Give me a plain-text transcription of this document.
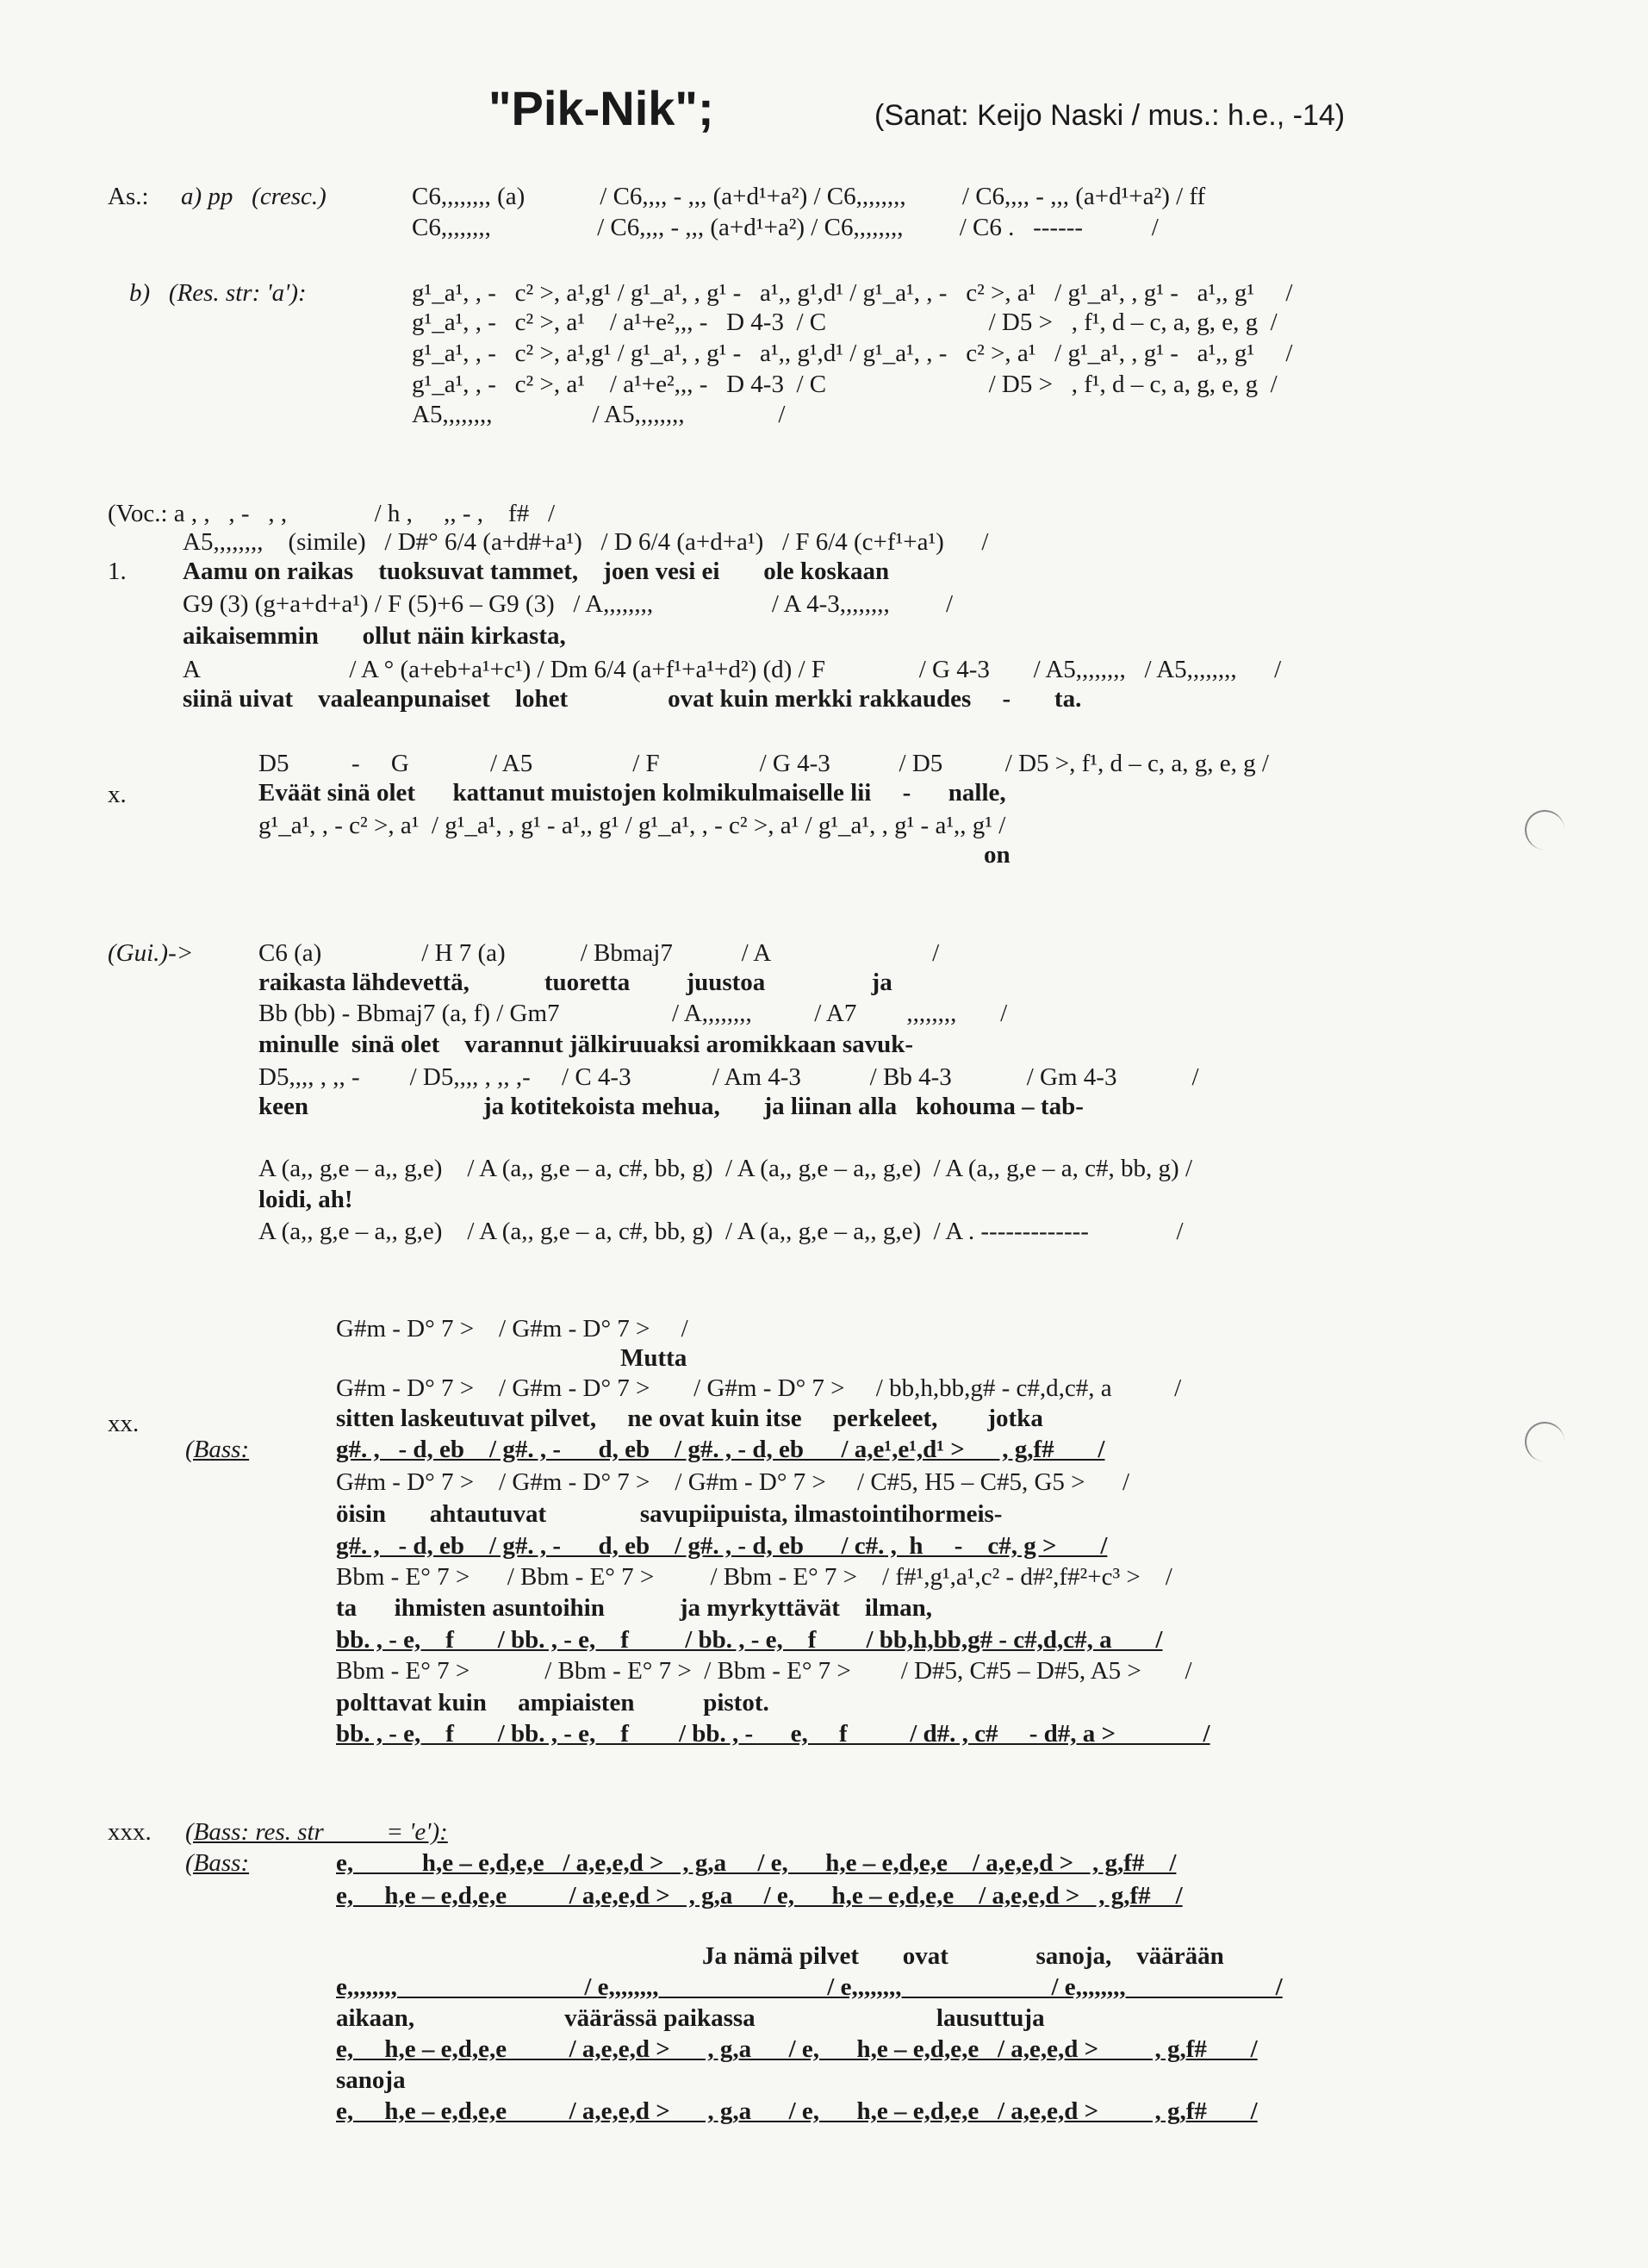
"Pik-Nik";	(Sanat: Keijo Naski / mus.: h.e., -14)
As.: a) pp   (cresc.)	C6,,,,,,,, (a)            / C6,,,, - ,,, (a+d¹+a²) / C6,,,,,,,,         / C6,,,, - ,,, (a+d¹+a²) / ff
C6,,,,,,,,                 / C6,,,, - ,,, (a+d¹+a²) / C6,,,,,,,,         / C6 .   ------           /
b)   (Res. str: 'a'):	g¹_a¹, , -   c² >, a¹,g¹ / g¹_a¹, , g¹ -   a¹,, g¹,d¹ / g¹_a¹, , -   c² >, a¹   / g¹_a¹, , g¹ -   a¹,, g¹     /
g¹_a¹, , -   c² >, a¹    / a¹+e²,,, -   D 4-3  / C                          / D5 >   , f¹, d – c, a, g, e, g  /
g¹_a¹, , -   c² >, a¹,g¹ / g¹_a¹, , g¹ -   a¹,, g¹,d¹ / g¹_a¹, , -   c² >, a¹   / g¹_a¹, , g¹ -   a¹,, g¹     /
g¹_a¹, , -   c² >, a¹    / a¹+e²,,, -   D 4-3  / C                          / D5 >   , f¹, d – c, a, g, e, g  /
A5,,,,,,,,                / A5,,,,,,,,               /
(Voc.: a , ,   , -   , ,              / h ,     ,, - ,    f#   /
A5,,,,,,,,    (simile)   / D#° 6/4 (a+d#+a¹)   / D 6/4 (a+d+a¹)   / F 6/4 (c+f¹+a¹)      /
1. Aamu on raikas    tuoksuvat tammet,    joen vesi ei       ole koskaan
G9 (3) (g+a+d+a¹) / F (5)+6 – G9 (3)   / A,,,,,,,,                   / A 4-3,,,,,,,,         /
aikaisemmin       ollut näin kirkasta,
A                        / A ° (a+eb+a¹+c¹) / Dm 6/4 (a+f¹+a¹+d²) (d) / F               / G 4-3       / A5,,,,,,,,   / A5,,,,,,,,      /
siinä uivat    vaaleanpunaiset    lohet                ovat kuin merkki rakkaudes     -       ta.
D5          -     G             / A5                / F                / G 4-3           / D5          / D5 >, f¹, d – c, a, g, e, g /
x.	Eväät sinä olet      kattanut muistojen kolmikulmaiselle lii     -      nalle,
g¹_a¹, , - c² >, a¹  / g¹_a¹, , g¹ - a¹,, g¹ / g¹_a¹, , - c² >, a¹ / g¹_a¹, , g¹ - a¹,, g¹ /
on
(Gui.)->	C6 (a)                / H 7 (a)            / Bbmaj7           / A                          /
raikasta lähdevettä,            tuoretta         juustoa                 ja
Bb (bb) - Bbmaj7 (a, f) / Gm7                  / A,,,,,,,,          / A7        ,,,,,,,,       /
minulle  sinä olet    varannut jälkiruuaksi aromikkaan savuk-
D5,,,, , ,, -        / D5,,,, , ,, ,-     / C 4-3             / Am 4-3           / Bb 4-3            / Gm 4-3            /
keen                            ja kotitekoista mehua,       ja liinan alla   kohouma – tab-
A (a,, g,e – a,, g,e)    / A (a,, g,e – a, c#, bb, g)  / A (a,, g,e – a,, g,e)  / A (a,, g,e – a, c#, bb, g) /
loidi, ah!
A (a,, g,e – a,, g,e)    / A (a,, g,e – a, c#, bb, g)  / A (a,, g,e – a,, g,e)  / A . -------------              /
G#m - D° 7 >    / G#m - D° 7 >     /
Mutta
G#m - D° 7 >    / G#m - D° 7 >       / G#m - D° 7 >     / bb,h,bb,g# - c#,d,c#, a          /
sitten laskeutuvat pilvet,     ne ovat kuin itse     perkeleet,        jotka
xx.
(Bass:	g#. ,   - d, eb    / g#. , -      d, eb    / g#. , - d, eb      / a,e¹,e¹,d¹ >      , g,f#       /
G#m - D° 7 >    / G#m - D° 7 >    / G#m - D° 7 >     / C#5, H5 – C#5, G5 >      /
öisin       ahtautuvat               savupiipuista, ilmastointihormeis-
g#. ,   - d, eb    / g#. , -      d, eb    / g#. , - d, eb      / c#. ,  h     -    c#, g >       /
Bbm - E° 7 >      / Bbm - E° 7 >         / Bbm - E° 7 >    / f#¹,g¹,a¹,c² - d#²,f#²+c³ >    /
ta      ihmisten asuntoihin            ja myrkyttävät    ilman,
bb. , - e,    f       / bb. , - e,    f         / bb. , - e,    f        / bb,h,bb,g# - c#,d,c#, a       /
Bbm - E° 7 >            / Bbm - E° 7 >  / Bbm - E° 7 >        / D#5, C#5 – D#5, A5 >       /
polttavat kuin     ampiaisten           pistot.
bb. , - e,    f       / bb. , - e,    f        / bb. , -      e,     f          / d#. , c#     - d#, a >              /
xxx. (Bass: res. str          = 'e'):
(Bass:	e,           h,e – e,d,e,e   / a,e,e,d >   , g,a     / e,      h,e – e,d,e,e    / a,e,e,d >   , g,f#    /
e,     h,e – e,d,e,e          / a,e,e,d >   , g,a     / e,      h,e – e,d,e,e    / a,e,e,d >   , g,f#    /
Ja nämä pilvet       ovat              sanoja,    väärään
e,,,,,,,,                              / e,,,,,,,,                           / e,,,,,,,,                        / e,,,,,,,,                        /
aikaan,                        väärässä paikassa                             lausuttuja
e,     h,e – e,d,e,e          / a,e,e,d >      , g,a      / e,      h,e – e,d,e,e   / a,e,e,d >         , g,f#       /
sanoja
e,     h,e – e,d,e,e          / a,e,e,d >      , g,a      / e,      h,e – e,d,e,e   / a,e,e,d >         , g,f#       /
